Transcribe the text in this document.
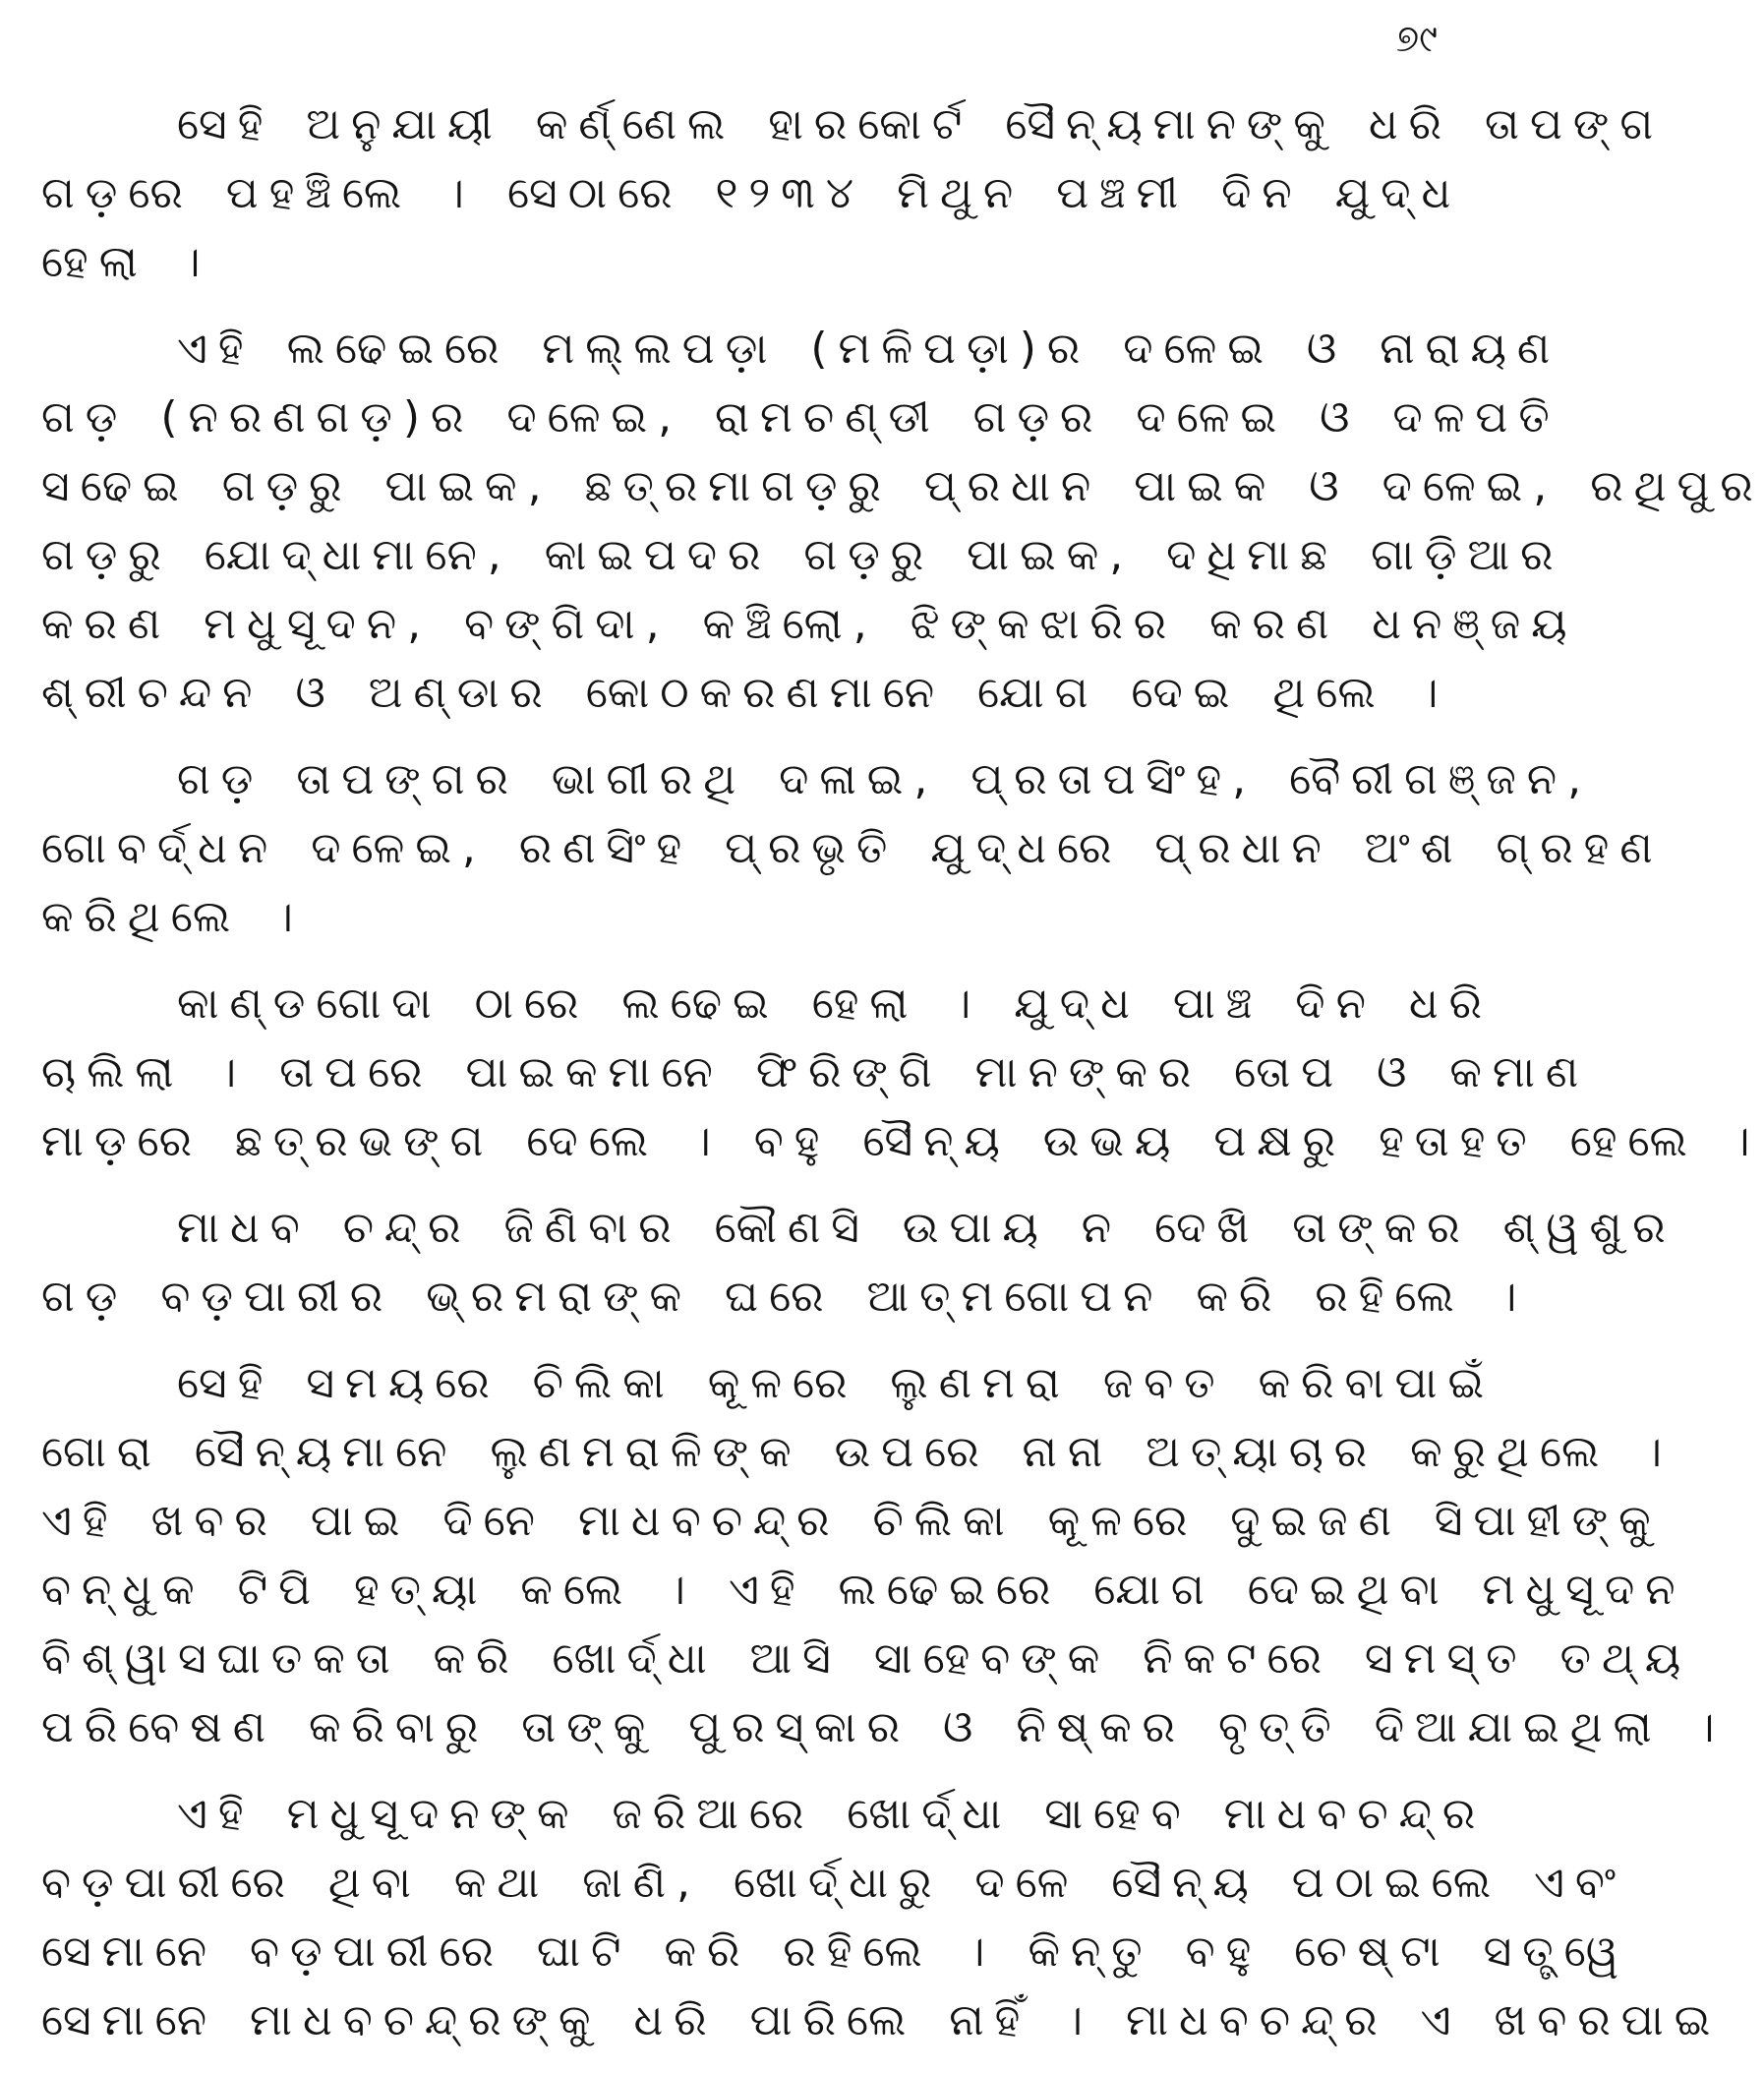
୭୯
ସେହି ଅନୁଯାୟୀ କର୍ଣ୍ଣେଲ ହାରକୋର୍ଟ ସୈନ୍ୟମାନଙ୍କୁ ଧରି ତାପଙ୍ଗ
ଗଡ଼ରେ ପହଞ୍ଚିଲେ । ସେଠାରେ ୧୨୩୪ ମିଥୁନ ପଞ୍ଚମୀ ଦିନ ଯୁଦ୍ଧ
ହେଲା ।
ଏହି ଲଢେଇରେ ମଲ୍ଲପଡ଼ା (ମଳିପଡ଼ା)ର ଦଳେଇ ଓ ନାରାୟଣ
ଗଡ଼ (ନରଣଗଡ଼)ର ଦଳେଇ, ରାମଚଣ୍ଡୀ ଗଡ଼ର ଦଳେଇ ଓ ଦଳପତି
ସଢେଇ ଗଡ଼ରୁ ପାଇକ, ଛତ୍ରମାଗଡ଼ରୁ ପ୍ରଧାନ ପାଇକ ଓ ଦଳେଇ, ରଥିପୁର
ଗଡ଼ରୁ ଯୋଦ୍ଧାମାନେ, କାଇପଦର ଗଡ଼ରୁ ପାଇକ, ଦଧିମାଛ ଗାଡ଼ିଆର
କରଣ ମଧୁସୂଦନ, ବଙ୍ଗିଦା, କଞ୍ଚିଲୋ, ଝିଙ୍କଝାରିର କରଣ ଧନଞ୍ଜୟ
ଶ୍ରୀଚନ୍ଦନ ଓ ଅଣ୍ଡାର କୋଠକରଣମାନେ ଯୋଗ ଦେଇ ଥିଲେ ।
ଗଡ଼ ତାପଙ୍ଗର ଭାଗୀରଥି ଦଳାଇ, ପ୍ରତାପସିଂହ, ବୈରୀଗଞ୍ଜନ,
ଗୋବର୍ଦ୍ଧନ ଦଳେଇ, ରଣସିଂହ ପ୍ରଭୃତି ଯୁଦ୍ଧରେ ପ୍ରଧାନ ଅଂଶ ଗ୍ରହଣ
କରିଥିଲେ ।
କାଣ୍ଡଗୋଦା ଠାରେ ଲଢେଇ ହେଲା । ଯୁଦ୍ଧ ପାଞ୍ଚ ଦିନ ଧରି
ଚାଲିଲା । ତାପରେ ପାଇକମାନେ ଫିରିଙ୍ଗି ମାନଙ୍କର ତୋପ ଓ କମାଣ
ମାଡ଼ରେ ଛତ୍ରଭଙ୍ଗ ଦେଲେ । ବହୁ ସୈନ୍ୟ ଉଭୟ ପକ୍ଷରୁ ହତାହତ ହେଲେ ।
ମାଧବ ଚନ୍ଦ୍ର ଜିଣିବାର କୌଣସି ଉପାୟ ନ ଦେଖି ତାଙ୍କର ଶ୍ୱଶୁର
ଗଡ଼ ବଡ଼ପାରୀର ଭ୍ରମରାଙ୍କ ଘରେ ଆତ୍ମଗୋପନ କରି ରହିଲେ ।
ସେହି ସମୟରେ ଚିଲିକା କୂଳରେ ଲୁଣମରା ଜବତ କରିବାପାଇଁ
ଗୋରା ସୈନ୍ୟମାନେ ଲୁଣମରାଳିଙ୍କ ଉପରେ ନାନା ଅତ୍ୟାଚାର କରୁଥିଲେ ।
ଏହି ଖବର ପାଇ ଦିନେ ମାଧବଚନ୍ଦ୍ର ଚିଲିକା କୂଳରେ ଦୁଇଜଣ ସିପାହୀଙ୍କୁ
ବନ୍ଧୁକ ଟିପି ହତ୍ୟା କଲେ । ଏହି ଲଢେଇରେ ଯୋଗ ଦେଇଥିବା ମଧୁସୂଦନ
ବିଶ୍ୱାସଘାତକତା କରି ଖୋର୍ଦ୍ଧା ଆସି ସାହେବଙ୍କ ନିକଟରେ ସମସ୍ତ ତଥ୍ୟ
ପରିବେଷଣ କରିବାରୁ ତାଙ୍କୁ ପୁରସ୍କାର ଓ ନିଷ୍କର ବୃତ୍ତି ଦିଆଯାଇଥିଲା ।
ଏହି ମଧୁସୂଦନଙ୍କ ଜରିଆରେ ଖୋର୍ଦ୍ଧା ସାହେବ ମାଧବଚନ୍ଦ୍ର
ବଡ଼ପାରୀରେ ଥିବା କଥା ଜାଣି, ଖୋର୍ଦ୍ଧାରୁ ଦଳେ ସୈନ୍ୟ ପଠାଇଲେ ଏବଂ
ସେମାନେ ବଡ଼ପାରୀରେ ଘାଟି କରି ରହିଲେ । କିନ୍ତୁ ବହୁ ଚେଷ୍ଟା ସତ୍ତ୍ୱେ
ସେମାନେ ମାଧବଚନ୍ଦ୍ରଙ୍କୁ ଧରି ପାରିଲେ ନାହିଁ । ମାଧବଚନ୍ଦ୍ର ଏ ଖବରପାଇ
